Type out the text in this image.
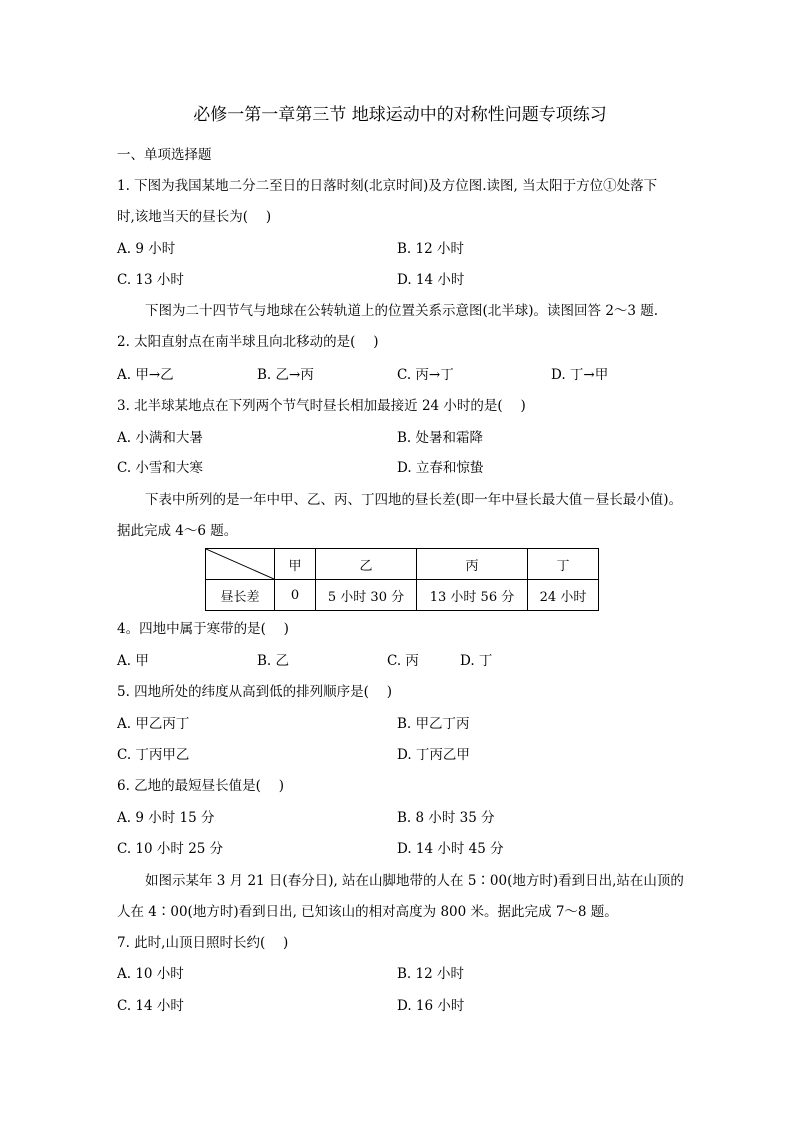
必修一第一章第三节 地球运动中的对称性问题专项练习
一、单项选择题
1. 下图为我国某地二分二至日的日落时刻(北京时间)及方位图.读图, 当太阳于方位①处落下
时,该地当天的昼长为(　 )
A. 9 小时	B. 12 小时
C. 13 小时	D. 14 小时
下图为二十四节气与地球在公转轨道上的位置关系示意图(北半球)。读图回答 2～3 题.
2. 太阳直射点在南半球且向北移动的是(　 )
A. 甲→乙	B. 乙→丙	C. 丙→丁	D. 丁→甲
3. 北半球某地点在下列两个节气时昼长相加最接近 24 小时的是(　 )
A. 小满和大暑	B. 处暑和霜降
C. 小雪和大寒	D. 立春和惊蛰
下表中所列的是一年中甲、乙、丙、丁四地的昼长差(即一年中昼长最大值－昼长最小值)。
据此完成 4～6 题。
	甲	乙	丙	丁
昼长差	0	5 小时 30 分	13 小时 56 分	24 小时
4。四地中属于寒带的是(　 )
A. 甲	B. 乙	C. 丙	D. 丁
5. 四地所处的纬度从高到低的排列顺序是(　 )
A. 甲乙丙丁	B. 甲乙丁丙
C. 丁丙甲乙	D. 丁丙乙甲
6. 乙地的最短昼长值是(　 )
A. 9 小时 15 分	B. 8 小时 35 分
C. 10 小时 25 分	D. 14 小时 45 分
如图示某年 3 月 21 日(春分日), 站在山脚地带的人在 5∶00(地方时)看到日出,站在山顶的
人在 4∶00(地方时)看到日出, 已知该山的相对高度为 800 米。据此完成 7～8 题。
7. 此时,山顶日照时长约(　 )
A. 10 小时	B. 12 小时
C. 14 小时	D. 16 小时
